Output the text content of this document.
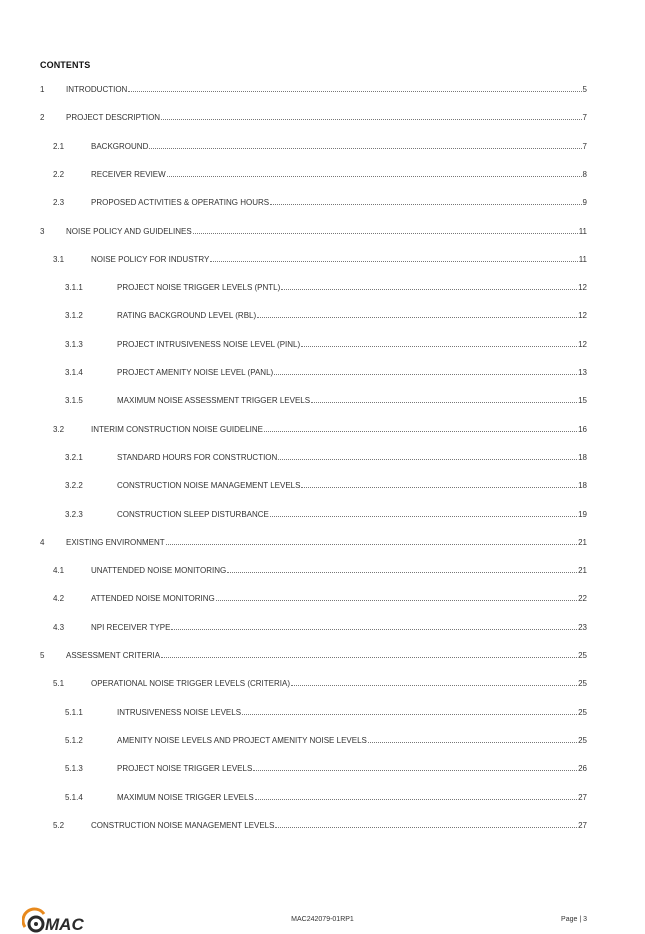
CONTENTS
1	INTRODUCTION	5
2	PROJECT DESCRIPTION	7
2.1	BACKGROUND	7
2.2	RECEIVER REVIEW	8
2.3	PROPOSED ACTIVITIES & OPERATING HOURS	9
3	NOISE POLICY AND GUIDELINES	11
3.1	NOISE POLICY FOR INDUSTRY	11
3.1.1	PROJECT NOISE TRIGGER LEVELS (PNTL)	12
3.1.2	RATING BACKGROUND LEVEL (RBL)	12
3.1.3	PROJECT INTRUSIVENESS NOISE LEVEL (PINL)	12
3.1.4	PROJECT AMENITY NOISE LEVEL (PANL)	13
3.1.5	MAXIMUM NOISE ASSESSMENT TRIGGER LEVELS	15
3.2	INTERIM CONSTRUCTION NOISE GUIDELINE	16
3.2.1	STANDARD HOURS FOR CONSTRUCTION	18
3.2.2	CONSTRUCTION NOISE MANAGEMENT LEVELS	18
3.2.3	CONSTRUCTION SLEEP DISTURBANCE	19
4	EXISTING ENVIRONMENT	21
4.1	UNATTENDED NOISE MONITORING	21
4.2	ATTENDED NOISE MONITORING	22
4.3	NPI RECEIVER TYPE	23
5	ASSESSMENT CRITERIA	25
5.1	OPERATIONAL NOISE TRIGGER LEVELS (CRITERIA)	25
5.1.1	INTRUSIVENESS NOISE LEVELS	25
5.1.2	AMENITY NOISE LEVELS AND PROJECT AMENITY NOISE LEVELS	25
5.1.3	PROJECT NOISE TRIGGER LEVELS	26
5.1.4	MAXIMUM NOISE TRIGGER LEVELS	27
5.2	CONSTRUCTION NOISE MANAGEMENT LEVELS	27
MAC	MAC242079-01RP1	Page | 3
